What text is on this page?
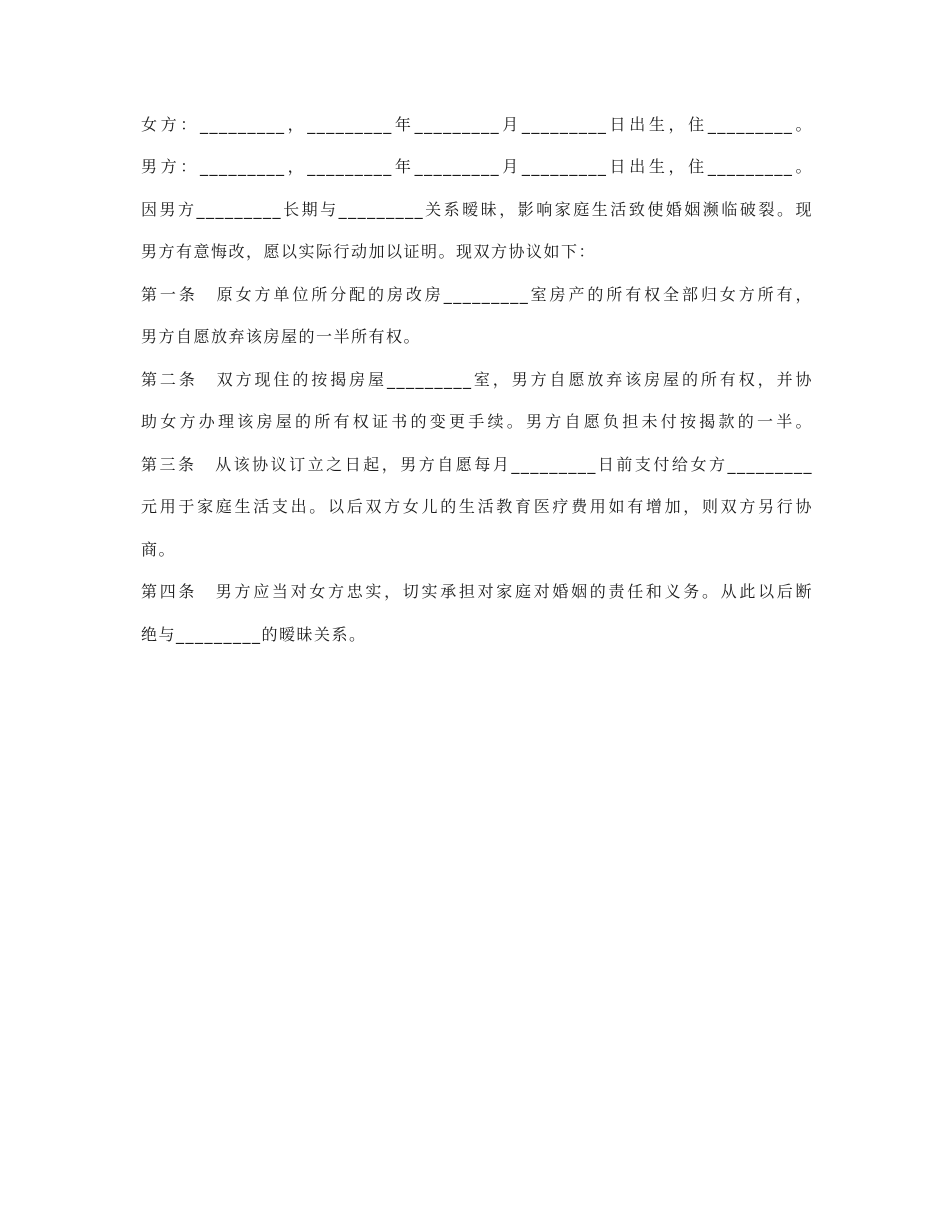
女方：_________，_________年_________月_________日出生，住_________。
男方：_________，_________年_________月_________日出生，住_________。
因男方_________长期与_________关系暧昧，影响家庭生活致使婚姻濒临破裂。现
男方有意悔改，愿以实际行动加以证明。现双方协议如下：
第一条　原女方单位所分配的房改房_________室房产的所有权全部归女方所有，
男方自愿放弃该房屋的一半所有权。
第二条　双方现住的按揭房屋_________室，男方自愿放弃该房屋的所有权，并协
助女方办理该房屋的所有权证书的变更手续。男方自愿负担未付按揭款的一半。
第三条　从该协议订立之日起，男方自愿每月_________日前支付给女方_________
元用于家庭生活支出。以后双方女儿的生活教育医疗费用如有增加，则双方另行协
商。
第四条　男方应当对女方忠实，切实承担对家庭对婚姻的责任和义务。从此以后断
绝与_________的暧昧关系。
